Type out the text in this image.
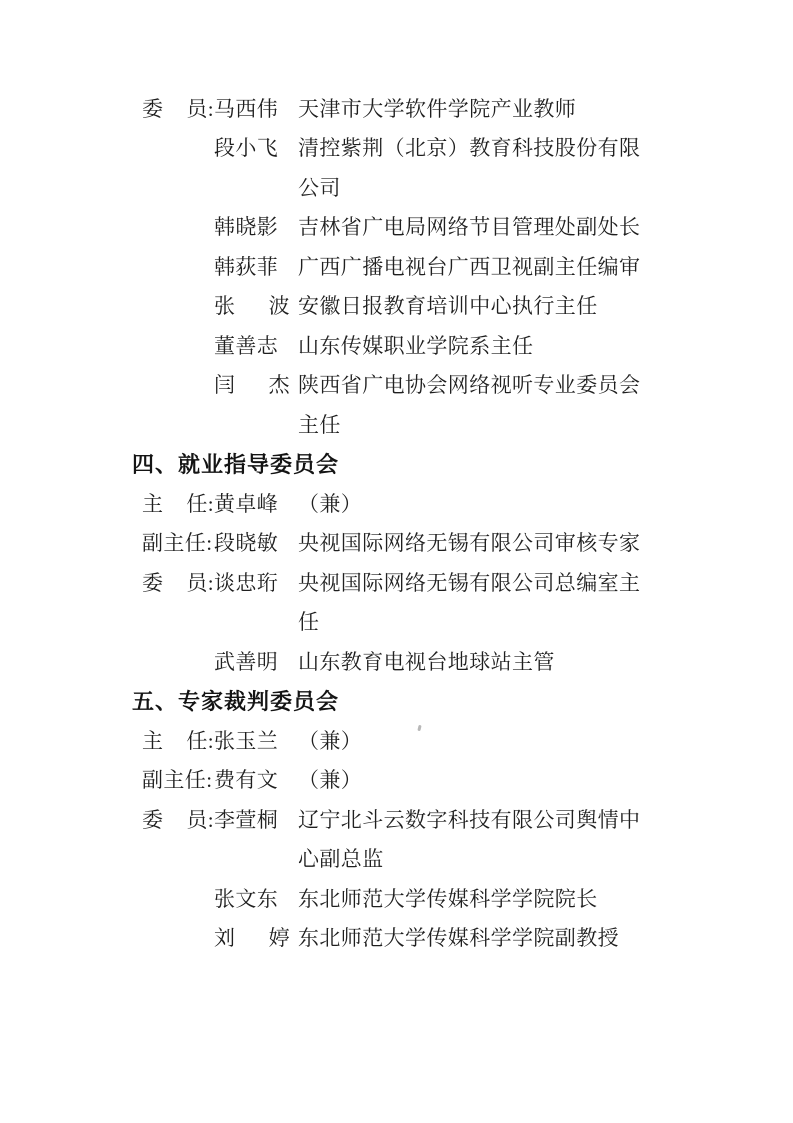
委 员: 马西伟 天津市大学软件学院产业教师
段小飞 清控紫荆（北京）教育科技股份有限
公司
韩晓影 吉林省广电局网络节目管理处副处长
韩荻菲 广西广播电视台广西卫视副主任编审
张波 安徽日报教育培训中心执行主任
董善志 山东传媒职业学院系主任
闫杰 陕西省广电协会网络视听专业委员会
主任
四、就业指导委员会
主 任: 黄卓峰 （兼）
副主任: 段晓敏 央视国际网络无锡有限公司审核专家
委 员: 谈忠珩 央视国际网络无锡有限公司总编室主
任
武善明 山东教育电视台地球站主管
五、专家裁判委员会
主 任: 张玉兰 （兼）
副主任: 费有文 （兼）
委 员: 李萱桐 辽宁北斗云数字科技有限公司舆情中
心副总监
张文东 东北师范大学传媒科学学院院长
刘婷 东北师范大学传媒科学学院副教授
